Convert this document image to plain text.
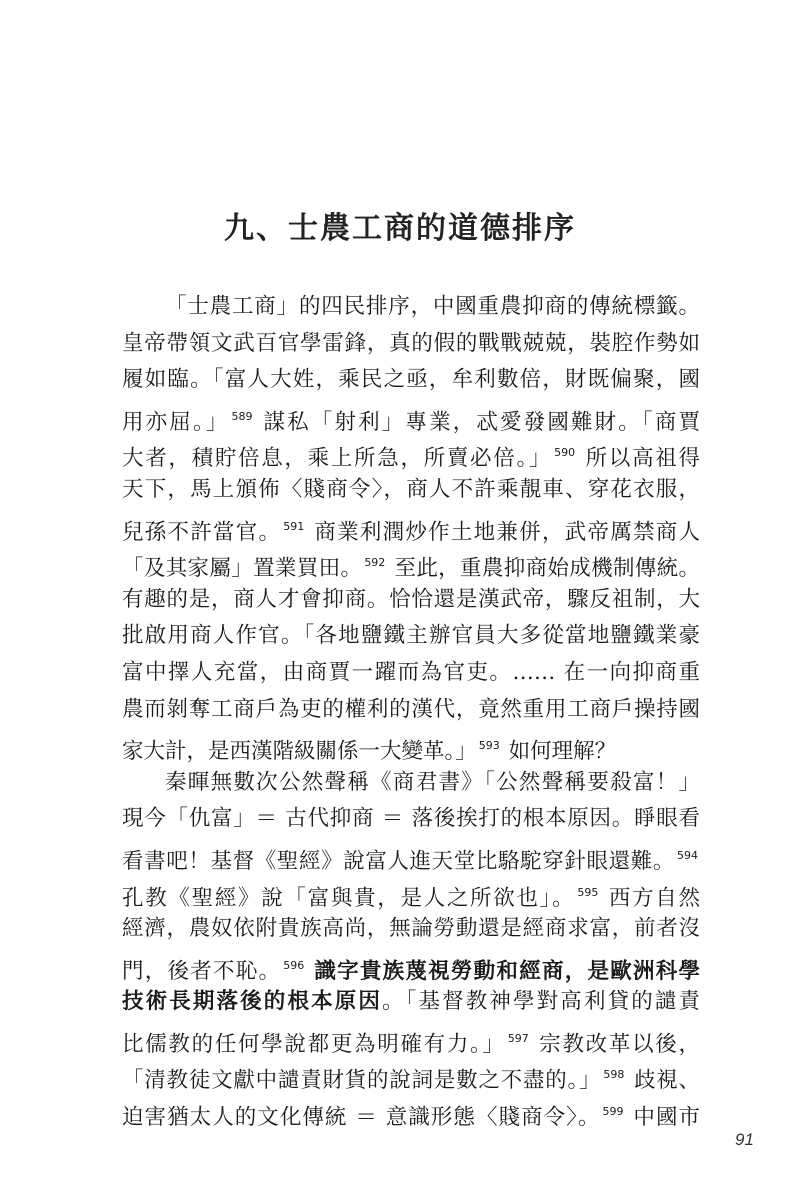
九、士農工商的道德排序
「士農工商」的四民排序，中國重農抑商的傳統標籤。
皇帝帶領文武百官學雷鋒，真的假的戰戰兢兢，裝腔作勢如
履如臨。「富人大姓，乘民之亟，牟利數倍，財既偏聚，國
用亦屈。」 $^{589}$ 謀私「射利」專業，忒愛發國難財。「商賈
大者，積貯倍息，乘上所急，所賣必倍。」 $^{590}$ 所以高祖得
天下，馬上頒佈〈賤商令〉，商人不許乘靚車、穿花衣服，
兒孫不許當官。 $^{591}$ 商業利潤炒作土地兼併，武帝厲禁商人
「及其家屬」置業買田。 $^{592}$ 至此，重農抑商始成機制傳統。
有趣的是，商人才會抑商。恰恰還是漢武帝，驟反祖制，大
批啟用商人作官。「各地鹽鐵主辦官員大多從當地鹽鐵業豪
富中擇人充當，由商賈一躍而為官吏。…… 在一向抑商重
農而剝奪工商戶為吏的權利的漢代，竟然重用工商戶操持國
家大計，是西漢階級關係一大變革。」 $^{593}$ 如何理解？
秦暉無數次公然聲稱《商君書》「公然聲稱要殺富！」
現今「仇富」＝ 古代抑商 ＝ 落後挨打的根本原因。睜眼看
看書吧！基督《聖經》說富人進天堂比駱駝穿針眼還難。 $^{594}$
孔教《聖經》說「富與貴，是人之所欲也」。 $^{595}$ 西方自然
經濟，農奴依附貴族高尚，無論勞動還是經商求富，前者沒
門，後者不恥。 $^{596}$ 識字貴族蔑視勞動和經商，是歐洲科學
技術長期落後的根本原因。「基督教神學對高利貸的譴責
比儒教的任何學說都更為明確有力。」 $^{597}$ 宗教改革以後，
「清教徒文獻中譴責財貨的說詞是數之不盡的。」 $^{598}$ 歧視、
迫害猶太人的文化傳統 ＝ 意識形態〈賤商令〉。 $^{599}$ 中國市
91
